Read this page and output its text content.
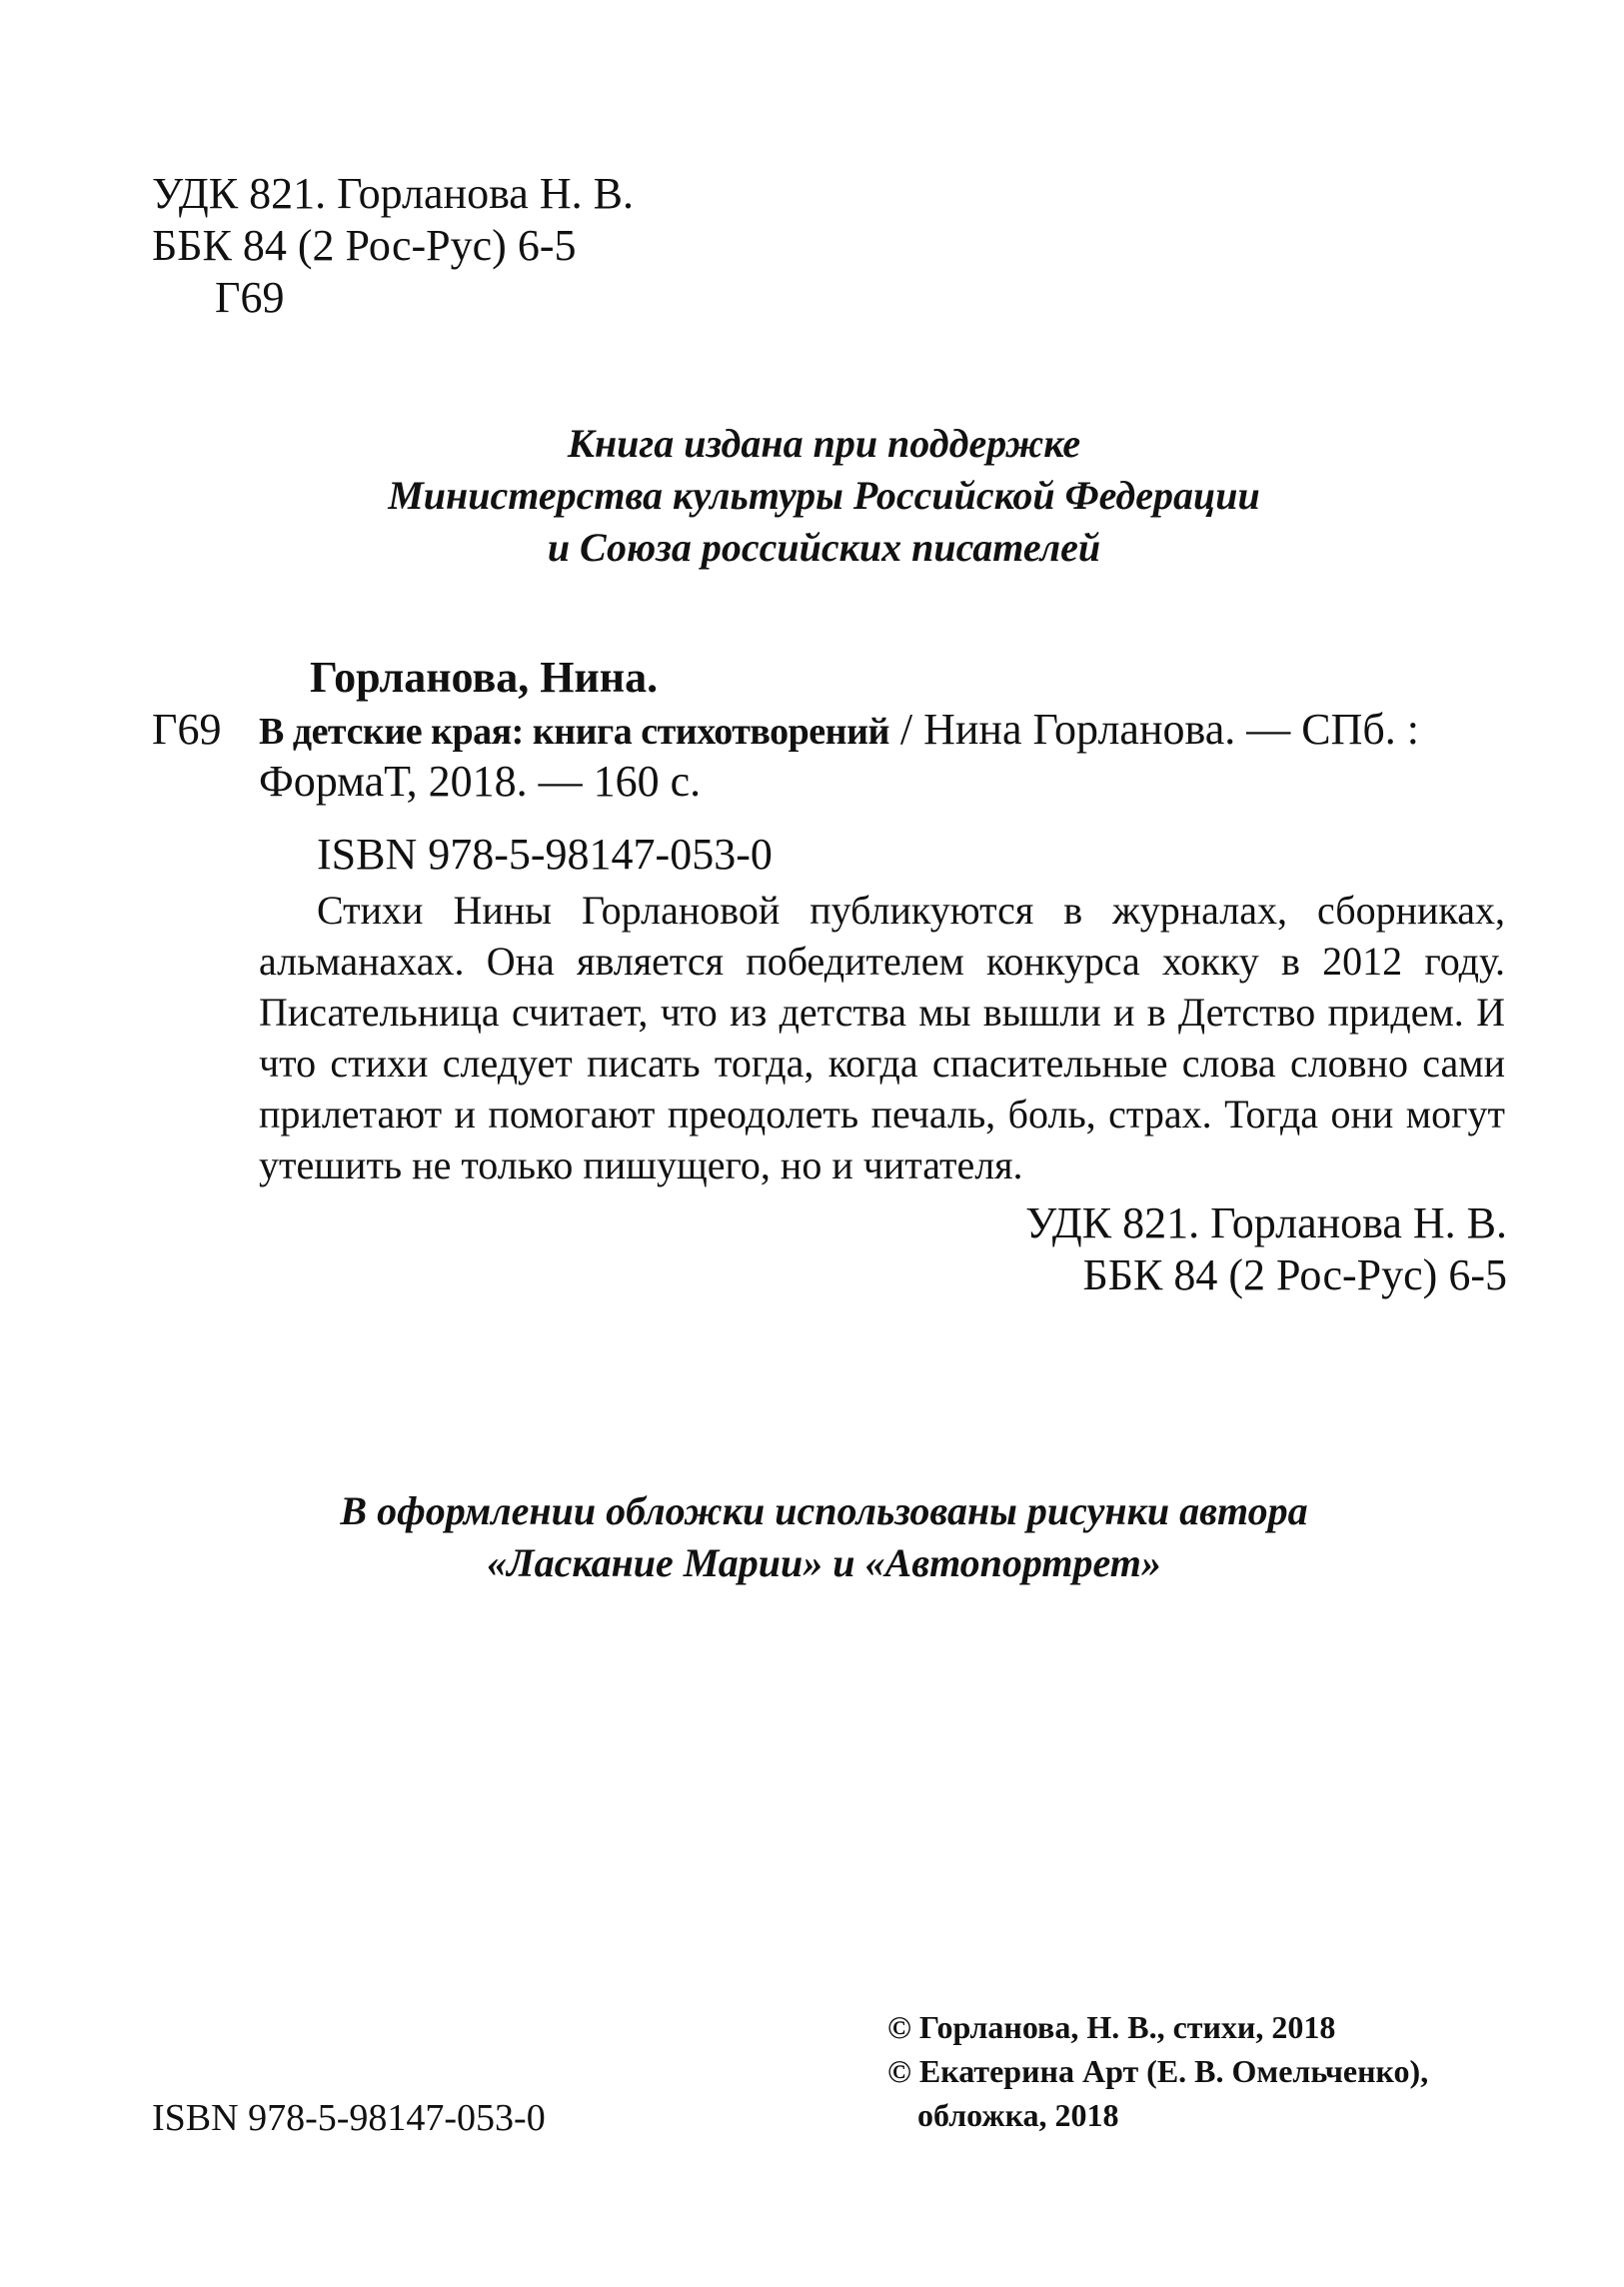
УДК 821. Горланова Н. В.
ББК 84 (2 Рос-Рус) 6-5
Г69
Книга издана при поддержке
Министерства культуры Российской Федерации
и Союза российских писателей
Горланова, Нина.
Г69 В детские края: книга стихотворений / Нина Горланова. — СПб. :
ФормаТ, 2018. — 160 с.
ISBN 978-5-98147-053-0

Стихи Нины Горлановой публикуются в журналах, сборниках, альманахах. Она является победителем конкурса хокку в 2012 году. Писательница считает, что из детства мы вышли и в Детство придем. И что стихи следует писать тогда, когда спасительные слова словно сами прилетают и помогают преодолеть печаль, боль, страх. Тогда они могут утешить не только пишущего, но и читателя.

УДК 821. Горланова Н. В.
ББК 84 (2 Рос-Рус) 6-5
В оформлении обложки использованы рисунки автора
«Ласкание Марии» и «Автопортрет»
ISBN 978-5-98147-053-0
© Горланова, Н. В., стихи, 2018
© Екатерина Арт (Е. В. Омельченко),
обложка, 2018
